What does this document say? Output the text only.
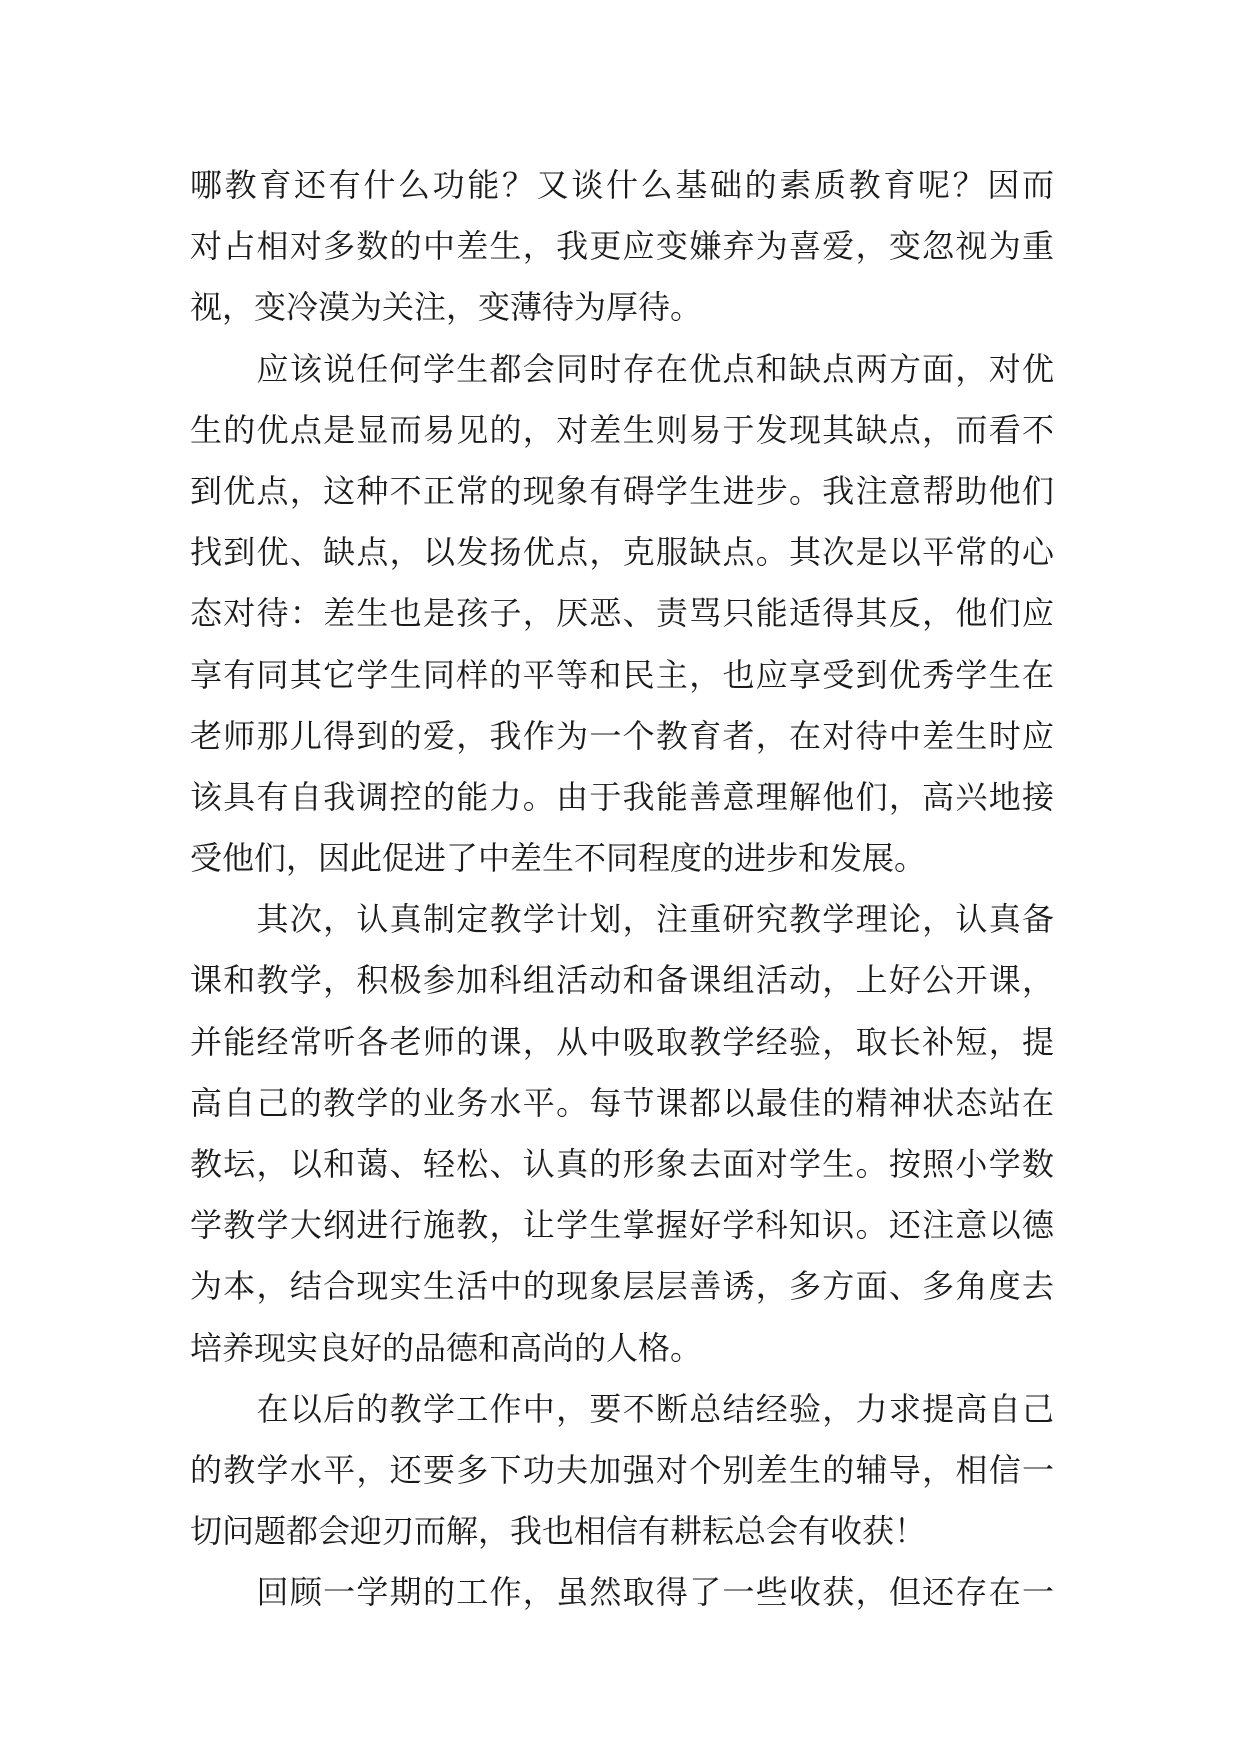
哪教育还有什么功能？又谈什么基础的素质教育呢？因而
对占相对多数的中差生，我更应变嫌弃为喜爱，变忽视为重
视，变冷漠为关注，变薄待为厚待。
　　应该说任何学生都会同时存在优点和缺点两方面，对优
生的优点是显而易见的，对差生则易于发现其缺点，而看不
到优点，这种不正常的现象有碍学生进步。我注意帮助他们
找到优、缺点，以发扬优点，克服缺点。其次是以平常的心
态对待：差生也是孩子，厌恶、责骂只能适得其反，他们应
享有同其它学生同样的平等和民主，也应享受到优秀学生在
老师那儿得到的爱，我作为一个教育者，在对待中差生时应
该具有自我调控的能力。由于我能善意理解他们，高兴地接
受他们，因此促进了中差生不同程度的进步和发展。
　　其次，认真制定教学计划，注重研究教学理论，认真备
课和教学，积极参加科组活动和备课组活动，上好公开课，
并能经常听各老师的课，从中吸取教学经验，取长补短，提
高自己的教学的业务水平。每节课都以最佳的精神状态站在
教坛，以和蔼、轻松、认真的形象去面对学生。按照小学数
学教学大纲进行施教，让学生掌握好学科知识。还注意以德
为本，结合现实生活中的现象层层善诱，多方面、多角度去
培养现实良好的品德和高尚的人格。
　　在以后的教学工作中，要不断总结经验，力求提高自己
的教学水平，还要多下功夫加强对个别差生的辅导，相信一
切问题都会迎刃而解，我也相信有耕耘总会有收获！
　　回顾一学期的工作，虽然取得了一些收获，但还存在一
